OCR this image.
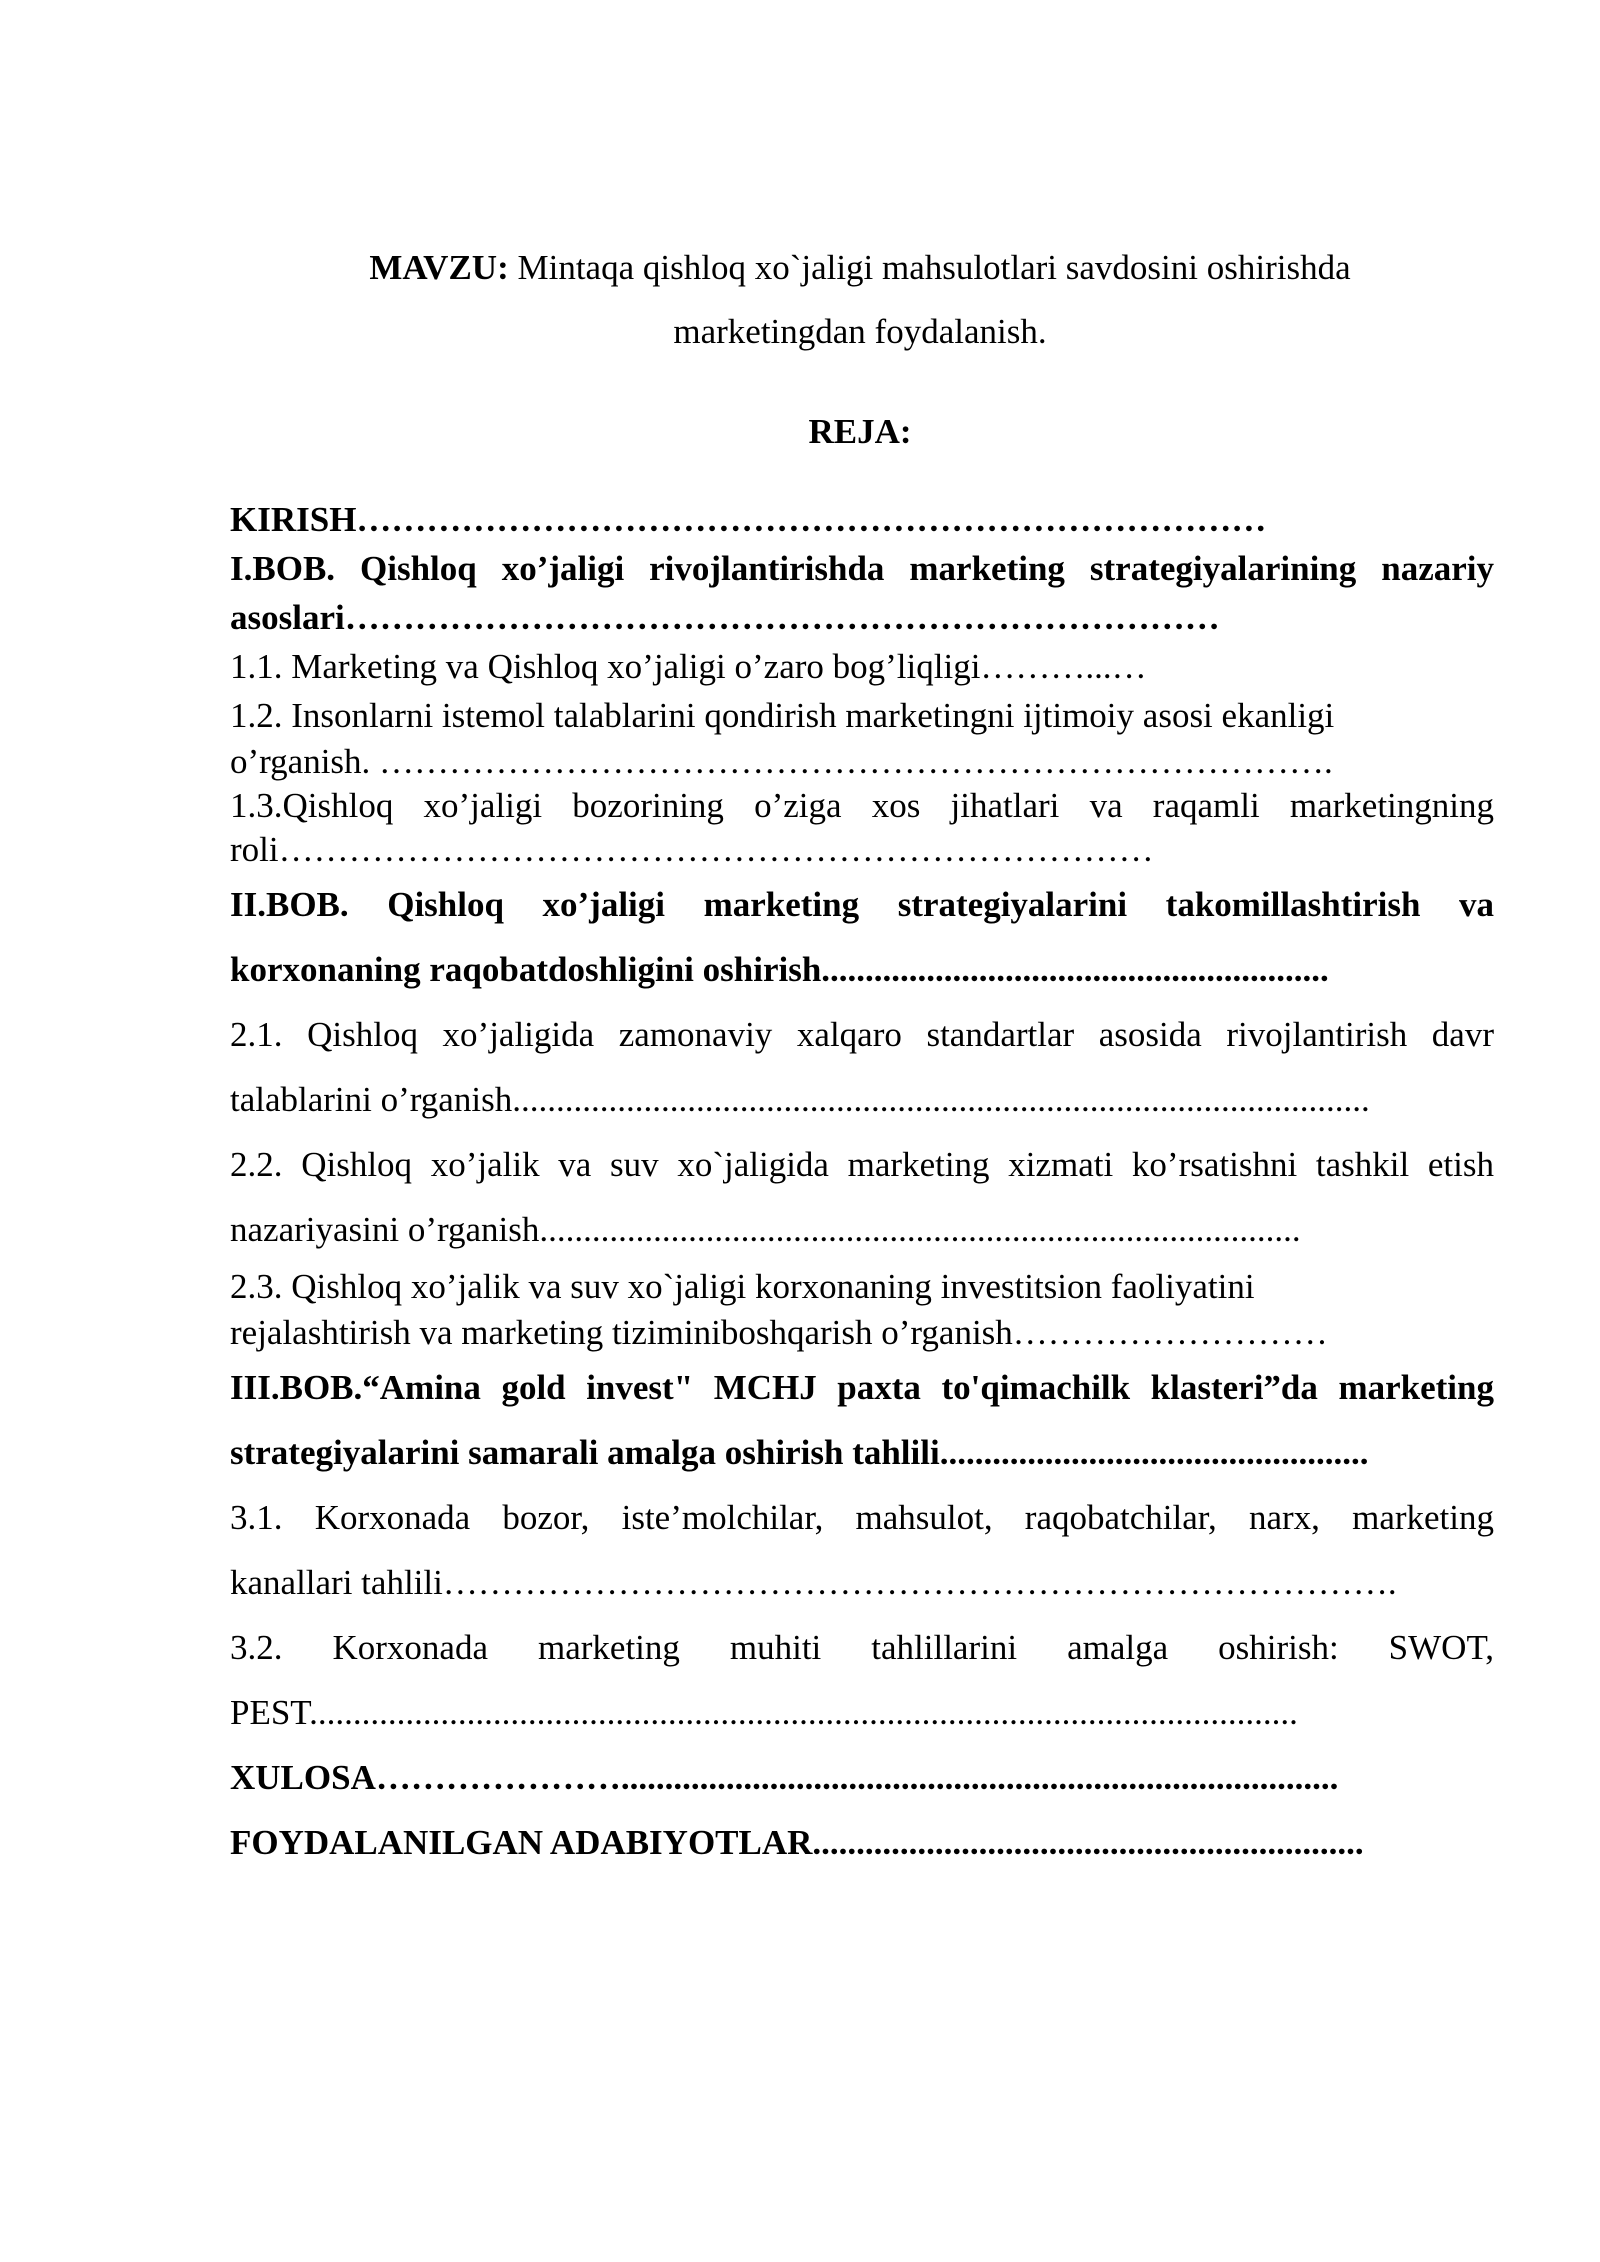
MAVZU: Mintaqa qishloq xo`jaligi mahsulotlari savdosini oshirishda
marketingdan foydalanish.
REJA:
KIRISH……………………………………………………………………
I.BOB. Qishloq xo’jaligi rivojlantirishda marketing strategiyalarining nazariy
asoslari…………………………………………………………………
1.1. Marketing va Qishloq xo’jaligi o’zaro bog’liqligi………...…
1.2. Insonlarni istemol talablarini qondirish marketingni ijtimoiy asosi ekanligi
o’rganish. ……………………………………………………………………….
1.3.Qishloq xo’jaligi bozorining o’ziga xos jihatlari va raqamli marketingning
roli…………………………………………………………………
II.BOB. Qishloq xo’jaligi marketing strategiyalarini takomillashtirish va
korxonaning raqobatdoshligini oshirish..........................................................
2.1. Qishloq xo’jaligida zamonaviy xalqaro standartlar asosida rivojlantirish davr
talablarini o’rganish..................................................................................................
2.2. Qishloq xo’jalik va suv xo`jaligida marketing xizmati ko’rsatishni tashkil etish
nazariyasini o’rganish.......................................................................................
2.3. Qishloq xo’jalik va suv xo`jaligi korxonaning investitsion faoliyatini
rejalashtirish va marketing tiziminiboshqarish o’rganish………………………
III.BOB.“Amina gold invest" MCHJ paxta to'qimachilk klasteri”da marketing
strategiyalarini samarali amalga oshirish tahlili.................................................
3.1. Korxonada bozor, iste’molchilar, mahsulot, raqobatchilar, narx, marketing
kanallari tahlili……………………………………………………………………….
3.2. Korxonada marketing muhiti tahlillarini amalga oshirish: SWOT,
PEST.................................................................................................................
XULOSA…………………..................................................................................
FOYDALANILGAN ADABIYOTLAR...............................................................
